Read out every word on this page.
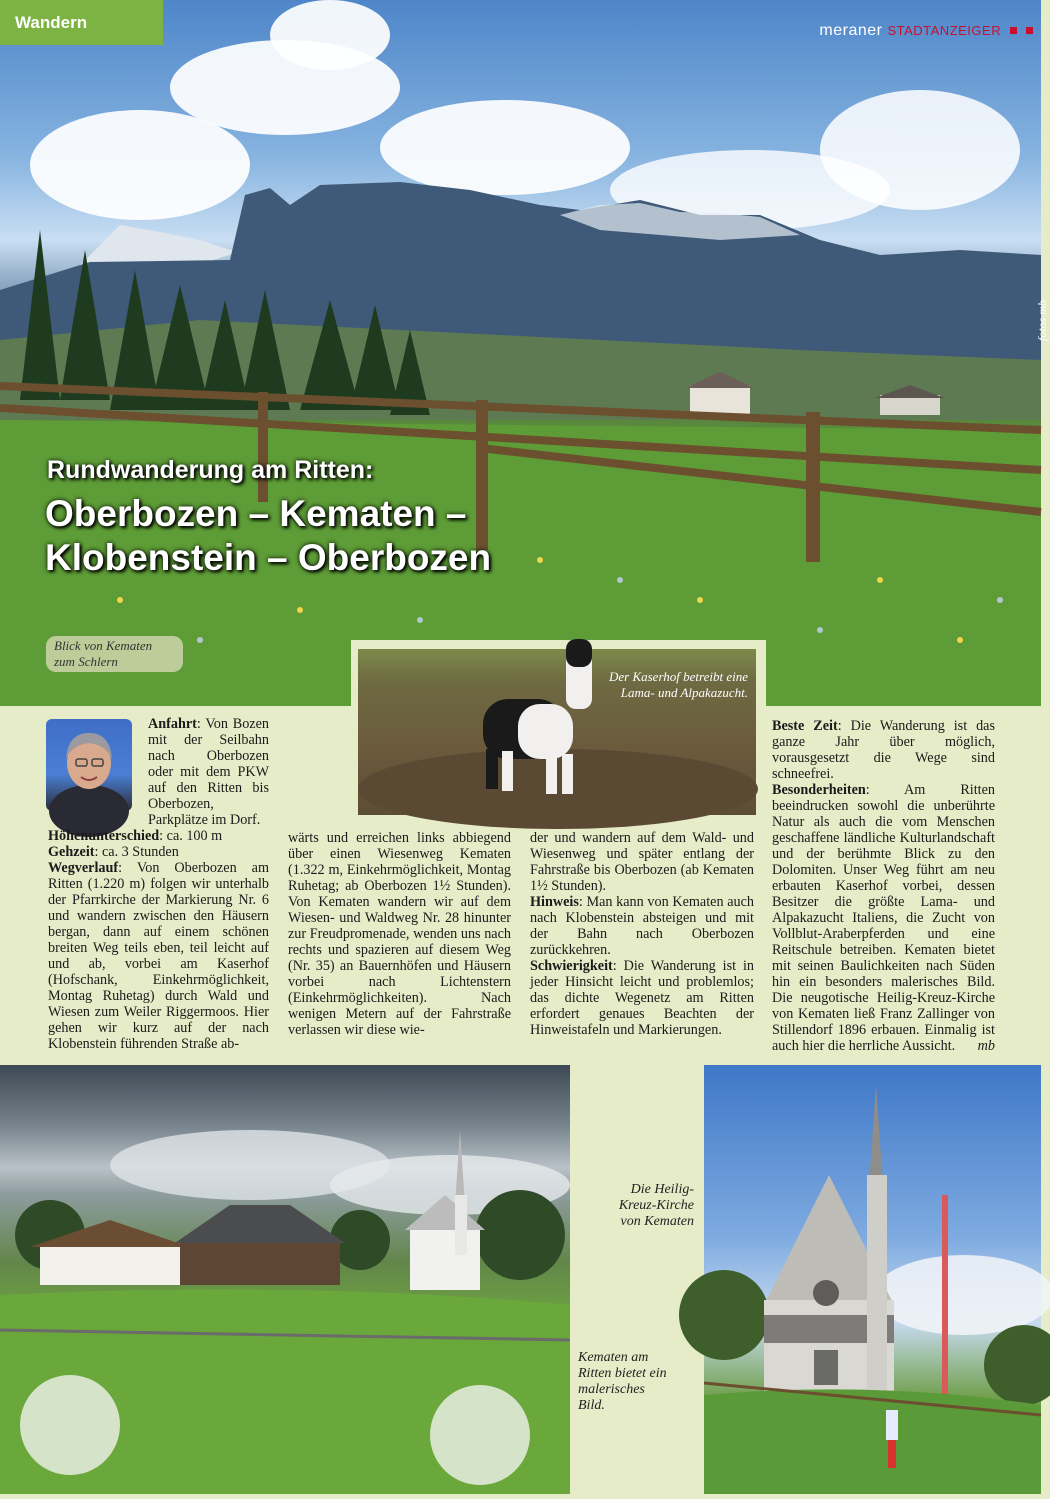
Wandern	meraner STADTANZEIGER
fotos mb
Rundwanderung am Ritten:
Oberbozen – Kematen –
Klobenstein – Oberbozen
Blick von Kematen zum Schlern
Der Kaserhof betreibt eine Lama- und Alpakazucht.

Anfahrt: Von Bozen mit der Seilbahn nach Oberbozen oder mit dem PKW auf den Ritten bis Oberbozen, Parkplätze im Dorf.

Höhenunterschied: ca. 100 m

Gehzeit: ca. 3 Stunden

Wegverlauf: Von Oberbozen am Ritten (1.220 m) folgen wir unterhalb der Pfarrkirche der Markierung Nr. 6 und wandern zwischen den Häusern bergan, dann auf einem schönen breiten Weg teils eben, teil leicht auf und ab, vorbei am Kaserhof (Hofschank, Einkehrmöglichkeit, Montag Ruhetag) durch Wald und Wiesen zum Weiler Riggermoos. Hier gehen wir kurz auf der nach Klobenstein führenden Straße ab-

wärts und erreichen links abbiegend über einen Wiesenweg Kematen (1.322 m, Einkehrmöglichkeit, Montag Ruhetag; ab Oberbozen 1½ Stunden). Von Kematen wandern wir auf dem Wiesen- und Waldweg Nr. 28 hinunter zur Freudpromenade, wenden uns nach rechts und spazieren auf diesem Weg (Nr. 35) an Bauernhöfen und Häusern vorbei nach Lichtenstern (Einkehrmöglichkeiten). Nach wenigen Metern auf der Fahrstraße verlassen wir diese wie-

der und wandern auf dem Wald- und Wiesenweg und später entlang der Fahrstraße bis Oberbozen (ab Kematen 1½ Stunden).

Hinweis: Man kann von Kematen auch nach Klobenstein absteigen und mit der Bahn nach Oberbozen zurückkehren.

Schwierigkeit: Die Wanderung ist in jeder Hinsicht leicht und problemlos; das dichte Wegenetz am Ritten erfordert genaues Beachten der Hinweistafeln und Markierungen.

Beste Zeit: Die Wanderung ist das ganze Jahr über möglich, vorausgesetzt die Wege sind schneefrei.

Besonderheiten: Am Ritten beeindrucken sowohl die unberührte Natur als auch die vom Menschen geschaffene ländliche Kulturlandschaft und der berühmte Blick zu den Dolomiten. Unser Weg führt am neu erbauten Kaserhof vorbei, dessen Besitzer die größte Lama- und Alpakazucht Italiens, die Zucht von Vollblut-Araberpferden und eine Reitschule betreiben. Kematen bietet mit seinen Baulichkeiten nach Süden hin ein besonders malerisches Bild. Die neugotische Heilig-Kreuz-Kirche von Kematen ließ Franz Zallinger von Stillendorf 1896 erbauen. Einmalig ist auch hier die herrliche Aussicht. mb

Die Heilig-Kreuz-Kirche von Kematen
Kematen am Ritten bietet ein malerisches Bild.
